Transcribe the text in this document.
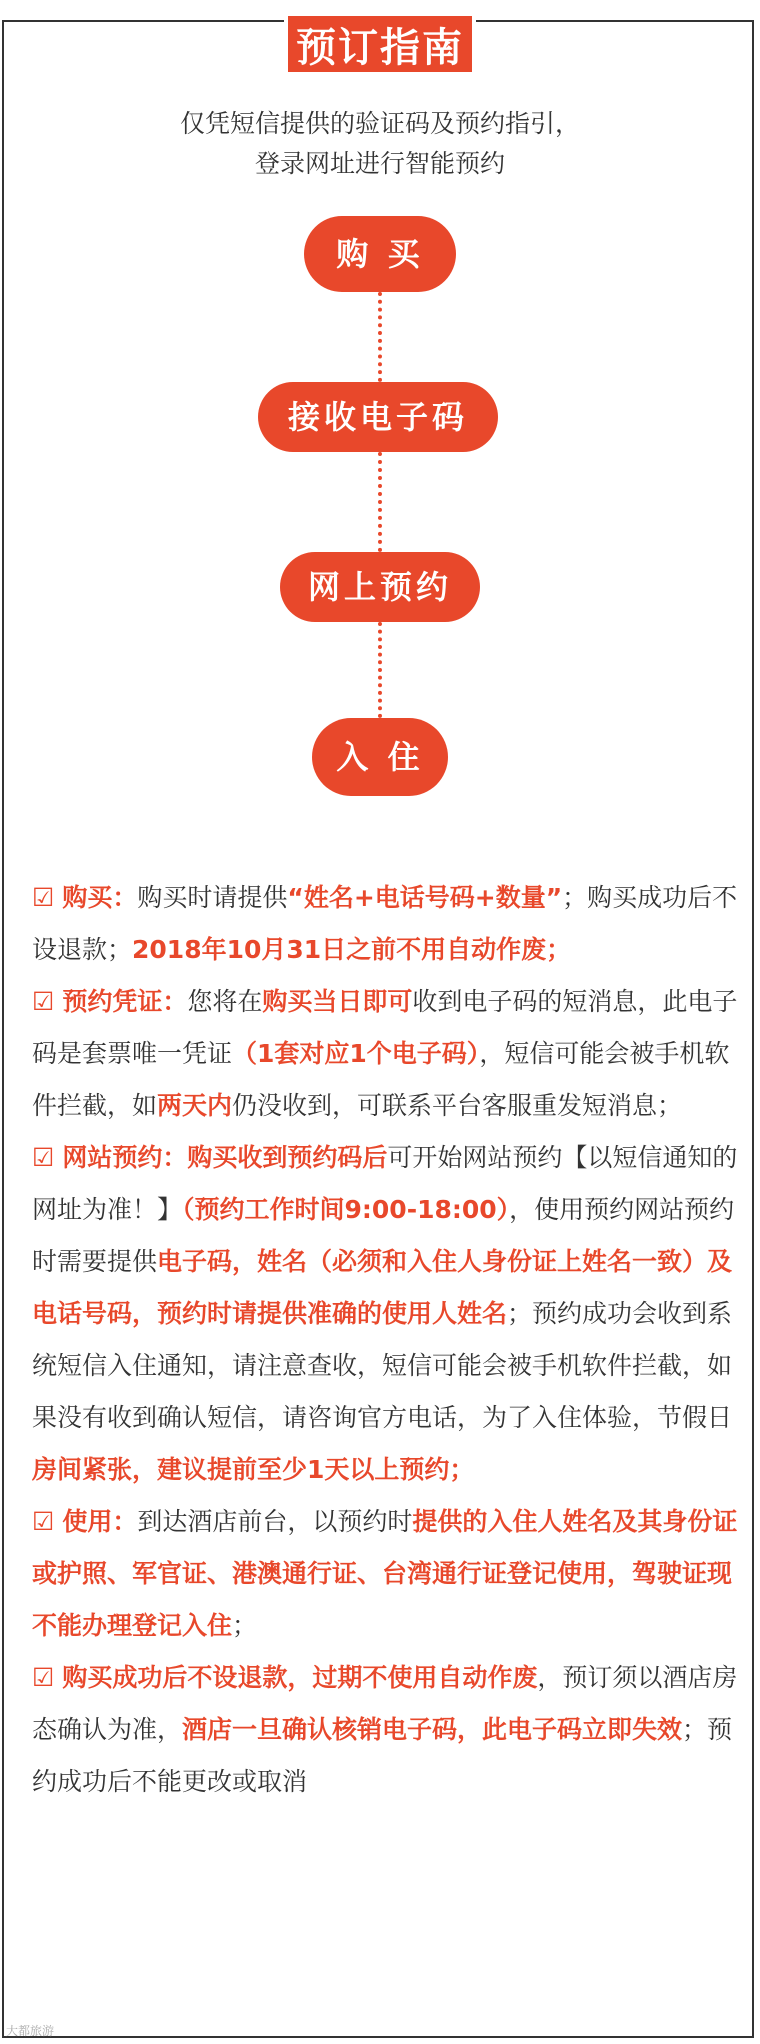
预订指南
仅凭短信提供的验证码及预约指引，
登录网址进行智能预约
购 买
接收电子码
网上预约
入 住

☑ 购买：购买时请提供“姓名+电话号码+数量”；购买成功后不设退款；2018年10月31日之前不用自动作废；

☑ 预约凭证：您将在购买当日即可收到电子码的短消息，此电子码是套票唯一凭证（1套对应1个电子码），短信可能会被手机软件拦截，如两天内仍没收到，可联系平台客服重发短消息；

☑ 网站预约：购买收到预约码后可开始网站预约【以短信通知的网址为准！】（预约工作时间9:00-18:00），使用预约网站预约时需要提供电子码，姓名（必须和入住人身份证上姓名一致）及电话号码，预约时请提供准确的使用人姓名；预约成功会收到系统短信入住通知，请注意查收，短信可能会被手机软件拦截，如果没有收到确认短信，请咨询官方电话，为了入住体验，节假日房间紧张，建议提前至少1天以上预约；

☑ 使用：到达酒店前台，以预约时提供的入住人姓名及其身份证或护照、军官证、港澳通行证、台湾通行证登记使用，驾驶证现不能办理登记入住；

☑ 购买成功后不设退款，过期不使用自动作废，预订须以酒店房态确认为准，酒店一旦确认核销电子码，此电子码立即失效；预约成功后不能更改或取消

大都旅游
